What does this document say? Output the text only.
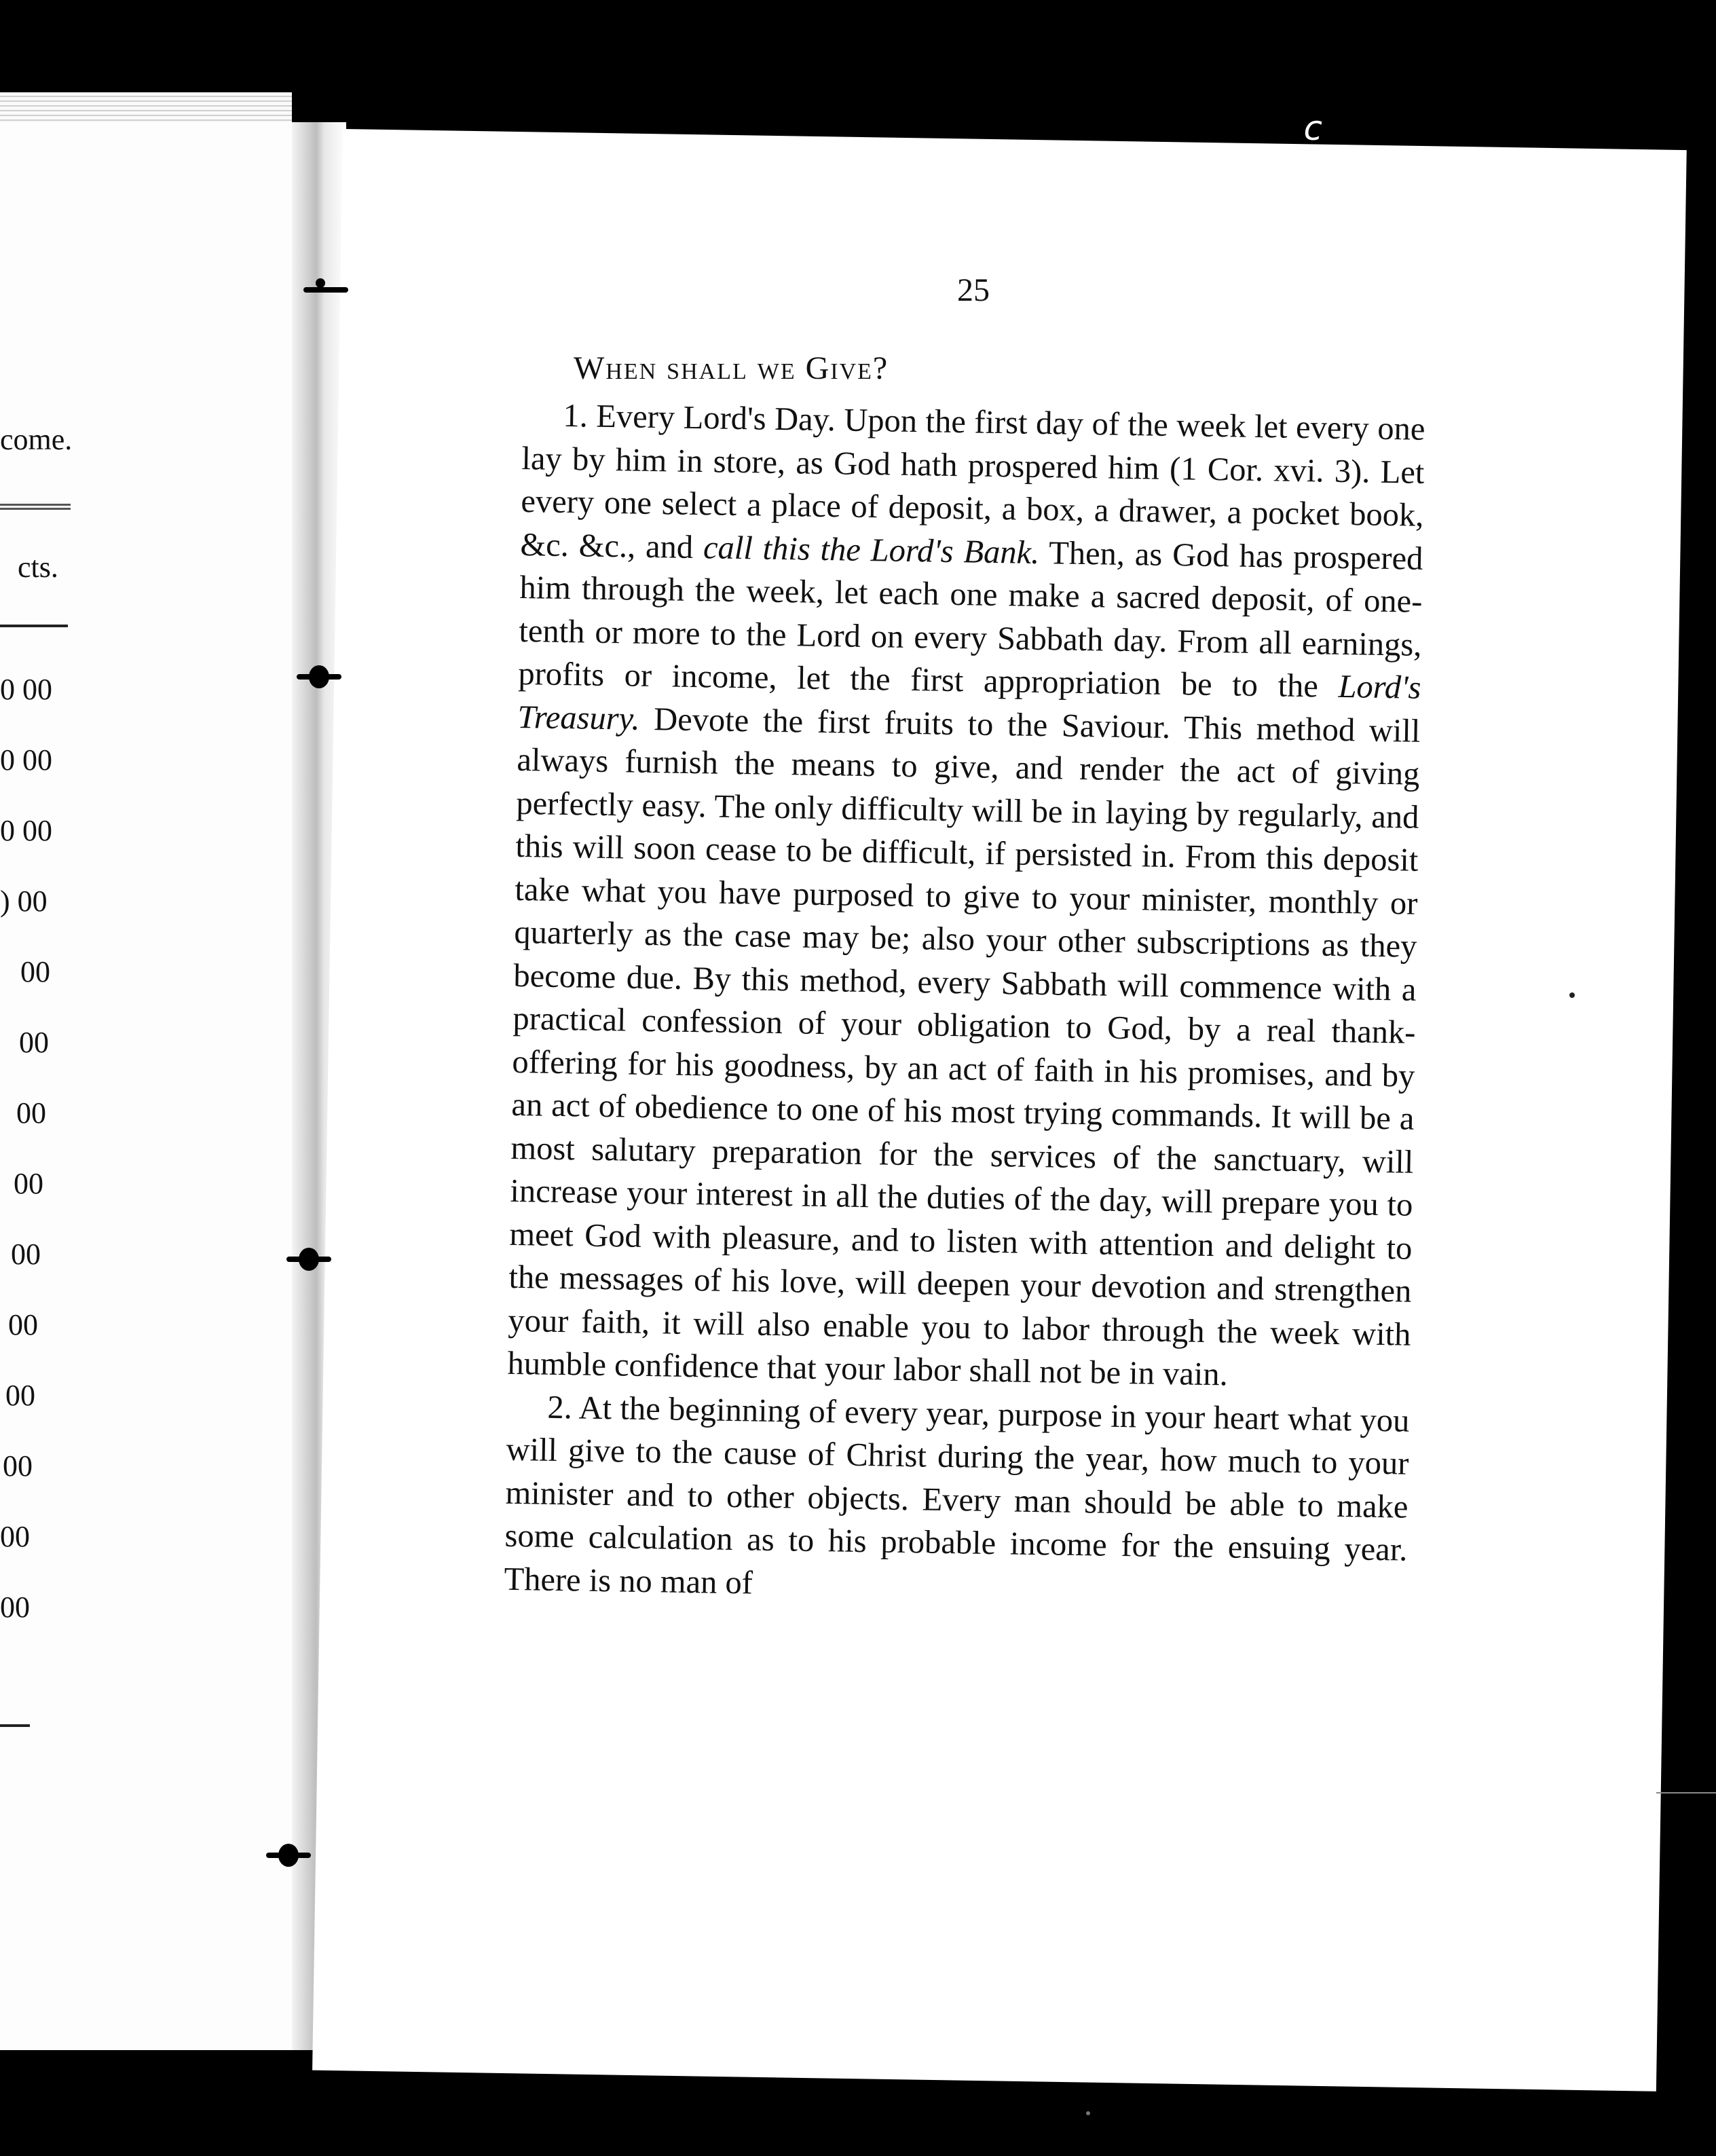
c
come.
cts.
0 00
0 00
0 00
) 00
00
00
00
00
00
00
00
00
00
00
25
When shall we Give?

1. Every Lord's Day. Upon the first day of the week let every one lay by him in store, as God hath prospered him (1 Cor. xvi. 3). Let every one select a place of deposit, a box, a drawer, a pocket book, &c. &c., and call this the Lord's Bank. Then, as God has prospered him through the week, let each one make a sacred deposit, of one-tenth or more to the Lord on every Sabbath day. From all earnings, profits or income, let the first appropriation be to the Lord's Treasury. Devote the first fruits to the Saviour. This method will always furnish the means to give, and render the act of giving perfectly easy. The only difficulty will be in laying by regularly, and this will soon cease to be difficult, if persisted in. From this deposit take what you have purposed to give to your minister, monthly or quarterly as the case may be; also your other subscriptions as they become due. By this method, every Sabbath will commence with a practical confession of your obligation to God, by a real thank-offering for his goodness, by an act of faith in his promises, and by an act of obedience to one of his most trying commands. It will be a most salutary preparation for the services of the sanctuary, will increase your interest in all the duties of the day, will prepare you to meet God with pleasure, and to listen with attention and delight to the messages of his love, will deepen your devotion and strengthen your faith, it will also enable you to labor through the week with humble confidence that your labor shall not be in vain.

2. At the beginning of every year, purpose in your heart what you will give to the cause of Christ during the year, how much to your minister and to other objects. Every man should be able to make some calculation as to his probable income for the ensuing year. There is no man of
